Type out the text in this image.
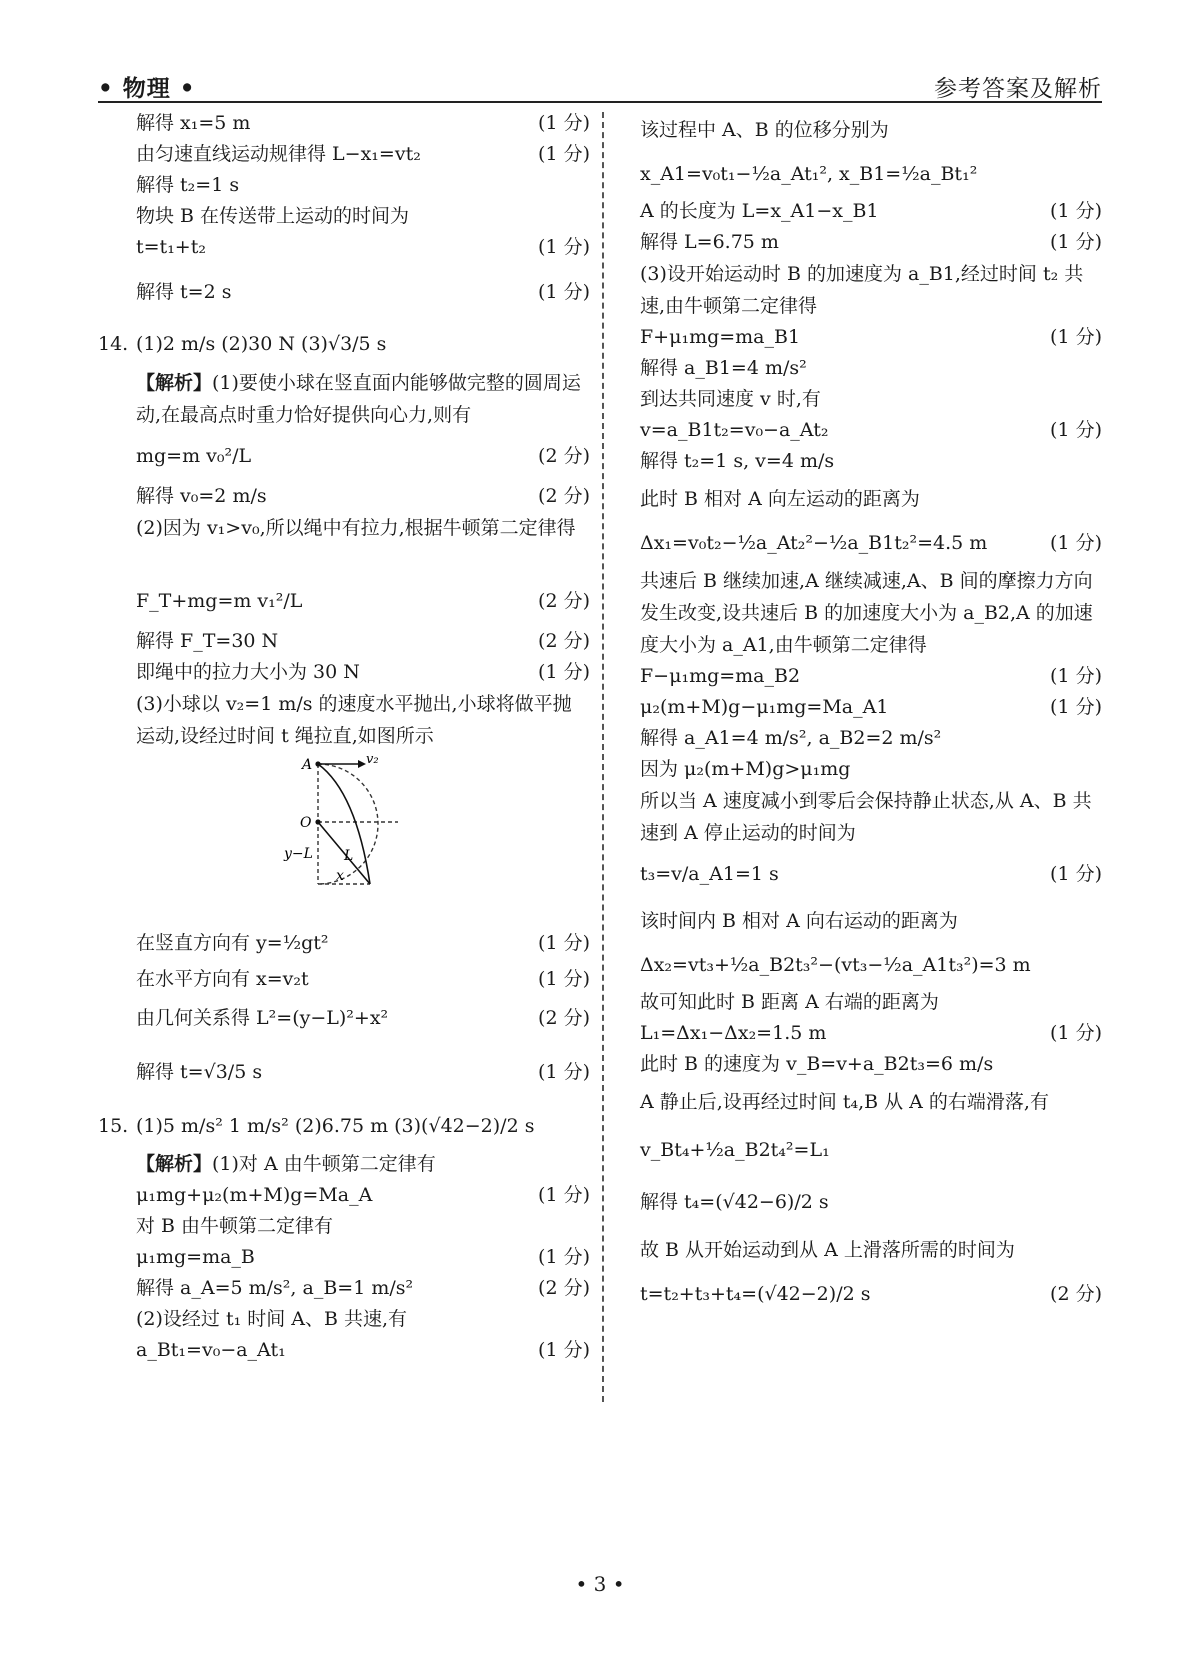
• 物理 •	参考答案及解析
解得 x₁=5 m	(1 分)
由匀速直线运动规律得 L−x₁=vt₂	(1 分)
解得 t₂=1 s
物块 B 在传送带上运动的时间为
t=t₁+t₂	(1 分)
解得 t=2 s	(1 分)
14. (1)2 m/s (2)30 N (3)√3/5 s
【解析】(1)要使小球在竖直面内能够做完整的圆周运动,在最高点时重力恰好提供向心力,则有
mg=m v₀²/L	(2 分)
解得 v₀=2 m/s	(2 分)
(2)因为 v₁>v₀,所以绳中有拉力,根据牛顿第二定律得
F_T+mg=m v₁²/L	(2 分)
解得 F_T=30 N	(2 分)
即绳中的拉力大小为 30 N	(1 分)
(3)小球以 v₂=1 m/s 的速度水平抛出,小球将做平抛运动,设经过时间 t 绳拉直,如图所示
A	v₂
O
L
y−L
x
在竖直方向有 y=½gt²	(1 分)
在水平方向有 x=v₂t	(1 分)
由几何关系得 L²=(y−L)²+x²	(2 分)
解得 t=√3/5 s	(1 分)
15. (1)5 m/s² 1 m/s² (2)6.75 m (3)(√42−2)/2 s
【解析】(1)对 A 由牛顿第二定律有
μ₁mg+μ₂(m+M)g=Ma_A	(1 分)
对 B 由牛顿第二定律有
μ₁mg=ma_B	(1 分)
解得 a_A=5 m/s², a_B=1 m/s²	(2 分)
(2)设经过 t₁ 时间 A、B 共速,有
a_Bt₁=v₀−a_At₁	(1 分)
该过程中 A、B 的位移分别为
x_A1=v₀t₁−½a_At₁², x_B1=½a_Bt₁²
A 的长度为 L=x_A1−x_B1	(1 分)
解得 L=6.75 m	(1 分)
(3)设开始运动时 B 的加速度为 a_B1,经过时间 t₂ 共速,由牛顿第二定律得
F+μ₁mg=ma_B1	(1 分)
解得 a_B1=4 m/s²
到达共同速度 v 时,有
v=a_B1t₂=v₀−a_At₂	(1 分)
解得 t₂=1 s, v=4 m/s
此时 B 相对 A 向左运动的距离为
Δx₁=v₀t₂−½a_At₂²−½a_B1t₂²=4.5 m	(1 分)
共速后 B 继续加速,A 继续减速,A、B 间的摩擦力方向发生改变,设共速后 B 的加速度大小为 a_B2,A 的加速度大小为 a_A1,由牛顿第二定律得
F−μ₁mg=ma_B2	(1 分)
μ₂(m+M)g−μ₁mg=Ma_A1	(1 分)
解得 a_A1=4 m/s², a_B2=2 m/s²
因为 μ₂(m+M)g>μ₁mg
所以当 A 速度减小到零后会保持静止状态,从 A、B 共速到 A 停止运动的时间为
t₃=v/a_A1=1 s	(1 分)
该时间内 B 相对 A 向右运动的距离为
Δx₂=vt₃+½a_B2t₃²−(vt₃−½a_A1t₃²)=3 m
故可知此时 B 距离 A 右端的距离为
L₁=Δx₁−Δx₂=1.5 m	(1 分)
此时 B 的速度为 v_B=v+a_B2t₃=6 m/s
A 静止后,设再经过时间 t₄,B 从 A 的右端滑落,有
v_Bt₄+½a_B2t₄²=L₁
解得 t₄=(√42−6)/2 s
故 B 从开始运动到从 A 上滑落所需的时间为
t=t₂+t₃+t₄=(√42−2)/2 s	(2 分)
• 3 •
